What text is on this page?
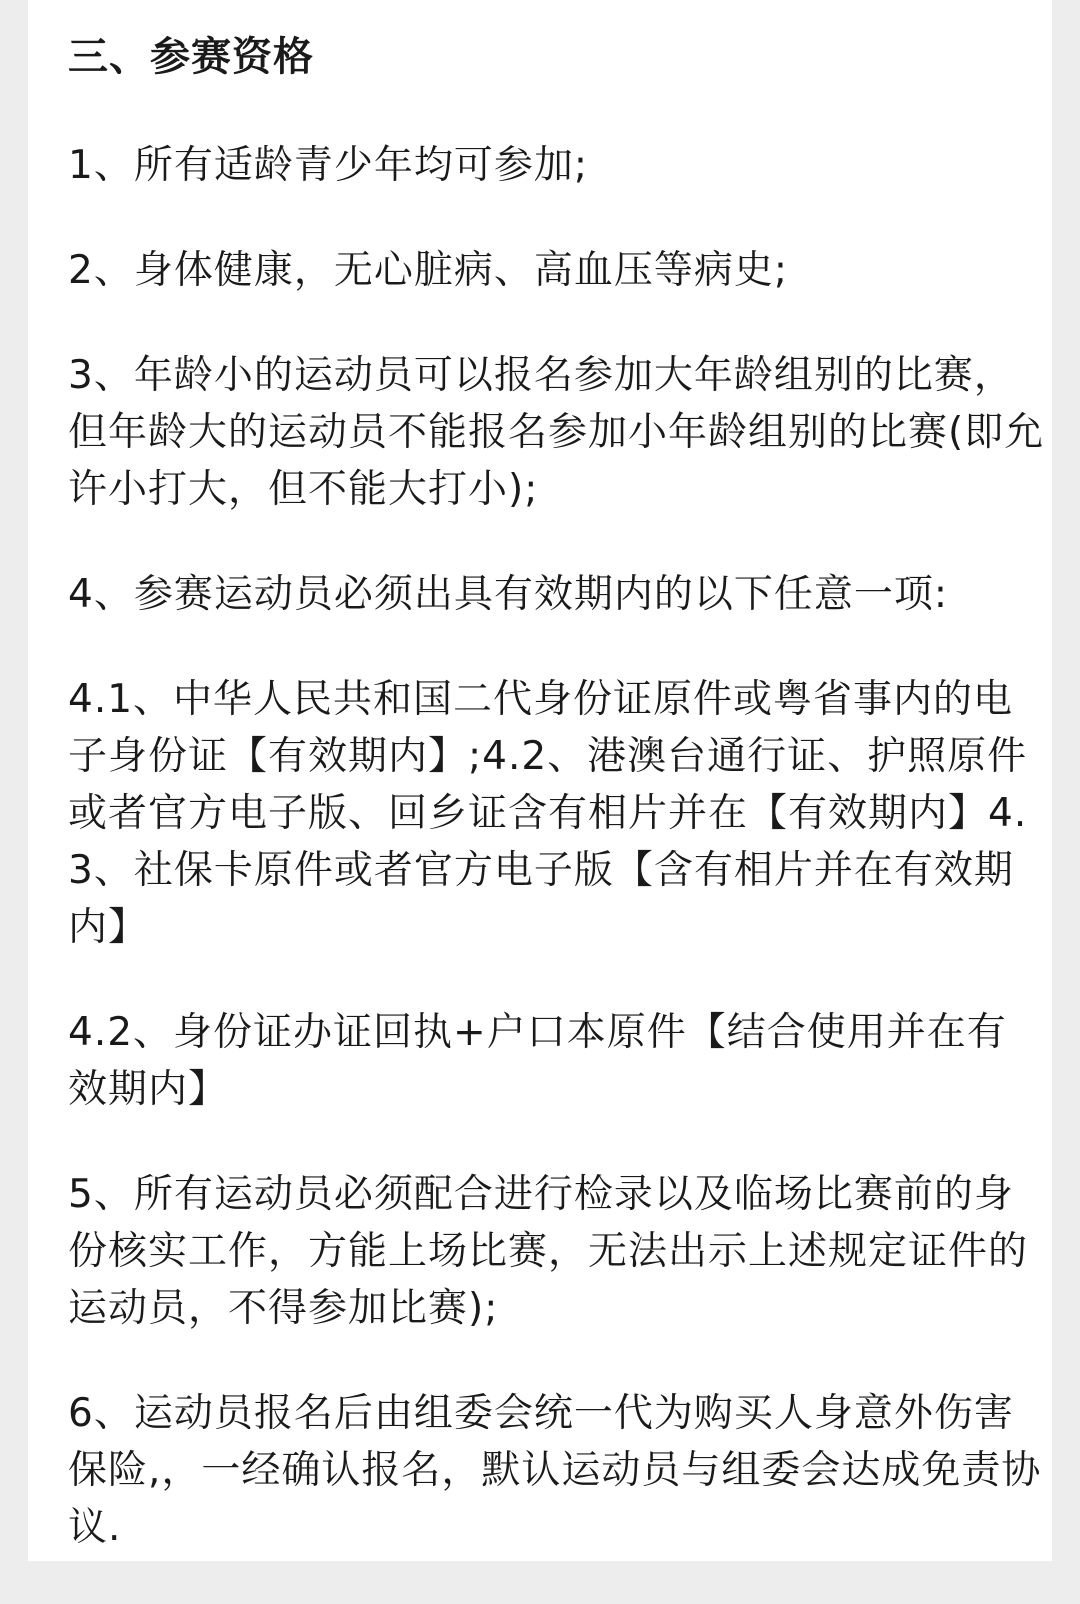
三、参赛资格
1、所有适龄青少年均可参加;
2、身体健康，无心脏病、高血压等病史;
3、年龄小的运动员可以报名参加大年龄组别的比赛，但年龄大的运动员不能报名参加小年龄组别的比赛(即允许小打大，但不能大打小);
4、参赛运动员必须出具有效期内的以下任意一项:
4.1、中华人民共和国二代身份证原件或粤省事内的电子身份证【有效期内】;4.2、港澳台通行证、护照原件或者官方电子版、回乡证含有相片并在【有效期内】4.3、社保卡原件或者官方电子版【含有相片并在有效期内】
4.2、身份证办证回执+户口本原件【结合使用并在有效期内】
5、所有运动员必须配合进行检录以及临场比赛前的身份核实工作，方能上场比赛，无法出示上述规定证件的运动员，不得参加比赛);
6、运动员报名后由组委会统一代为购买人身意外伤害保险,，一经确认报名，默认运动员与组委会达成免责协议.
